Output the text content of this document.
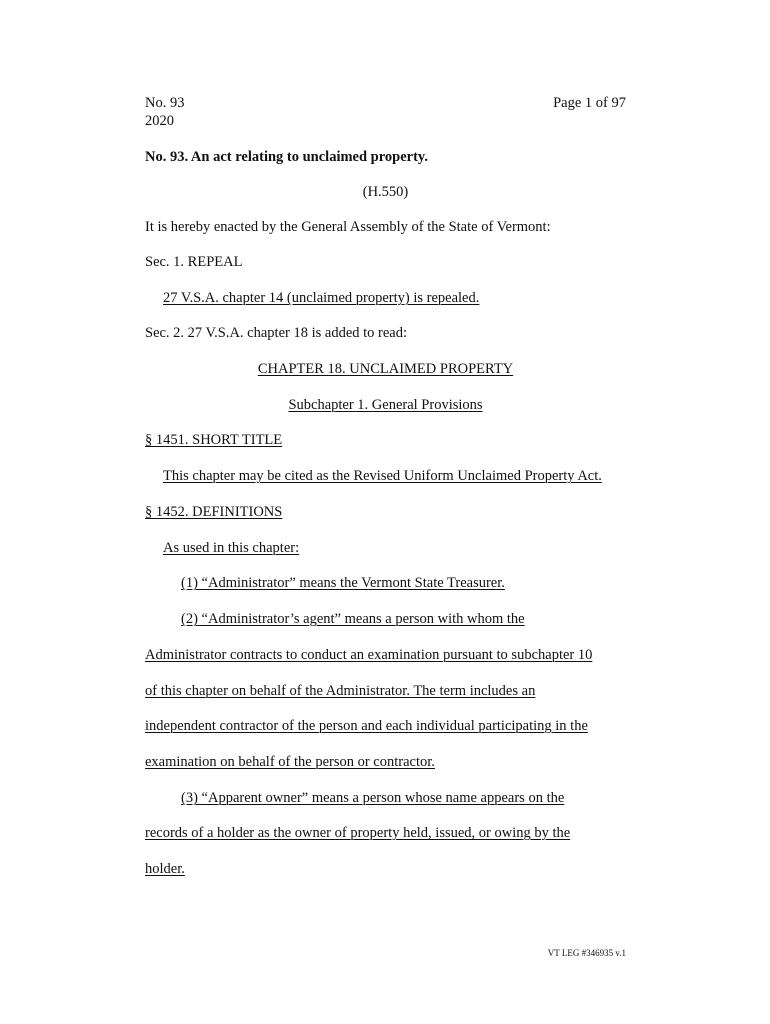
No. 93
2020
Page 1 of 97
No. 93. An act relating to unclaimed property.
(H.550)
It is hereby enacted by the General Assembly of the State of Vermont:
Sec. 1. REPEAL
27 V.S.A. chapter 14 (unclaimed property) is repealed.
Sec. 2. 27 V.S.A. chapter 18 is added to read:
CHAPTER 18. UNCLAIMED PROPERTY
Subchapter 1. General Provisions
§ 1451. SHORT TITLE
This chapter may be cited as the Revised Uniform Unclaimed Property Act.
§ 1452. DEFINITIONS
As used in this chapter:
(1) “Administrator” means the Vermont State Treasurer.
(2) “Administrator’s agent” means a person with whom the
Administrator contracts to conduct an examination pursuant to subchapter 10
of this chapter on behalf of the Administrator. The term includes an
independent contractor of the person and each individual participating in the
examination on behalf of the person or contractor.
(3) “Apparent owner” means a person whose name appears on the
records of a holder as the owner of property held, issued, or owing by the
holder.
VT LEG #346935 v.1
